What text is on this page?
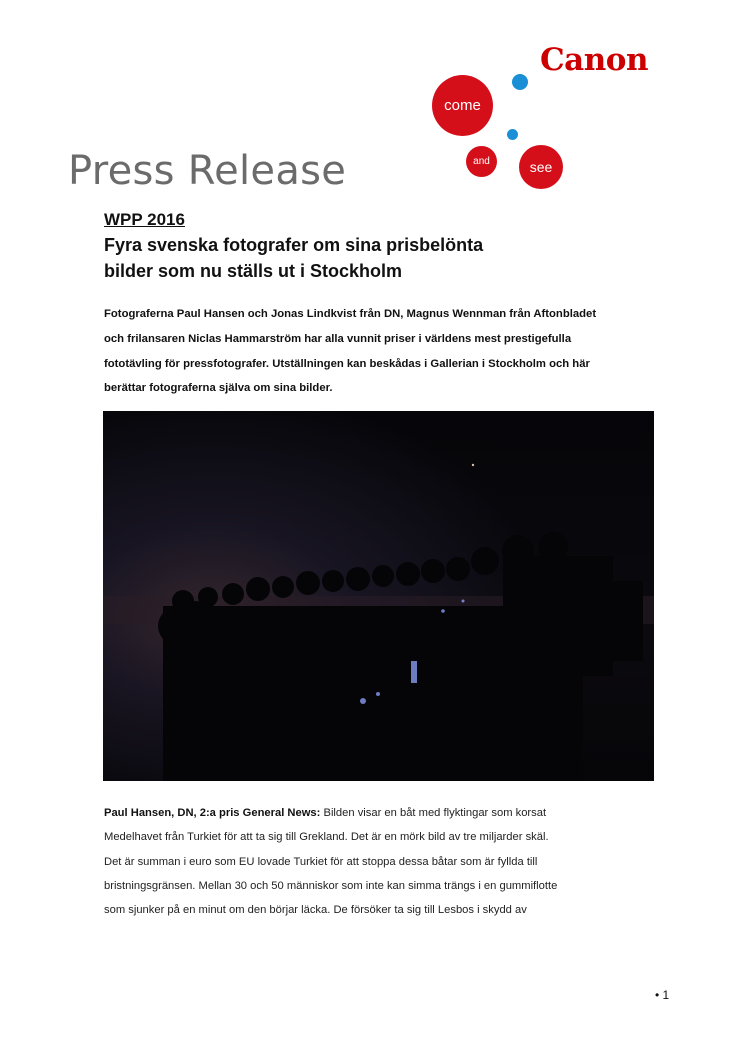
Canon
come
and	see
Press Release
WPP 2016
Fyra svenska fotografer om sina prisbelönta
bilder som nu ställs ut i Stockholm
Fotograferna Paul Hansen och Jonas Lindkvist från DN, Magnus Wennman från Aftonbladet
och frilansaren Niclas Hammarström har alla vunnit priser i världens mest prestigefulla
fototävling för pressfotografer. Utställningen kan beskådas i Gallerian i Stockholm och här
berättar fotograferna själva om sina bilder.
Paul Hansen, DN, 2:a pris General News: Bilden visar en båt med flyktingar som korsat
Medelhavet från Turkiet för att ta sig till Grekland. Det är en mörk bild av tre miljarder skäl.
Det är summan i euro som EU lovade Turkiet för att stoppa dessa båtar som är fyllda till
bristningsgränsen. Mellan 30 och 50 människor som inte kan simma trängs i en gummiflotte
som sjunker på en minut om den börjar läcka. De försöker ta sig till Lesbos i skydd av
• 1
